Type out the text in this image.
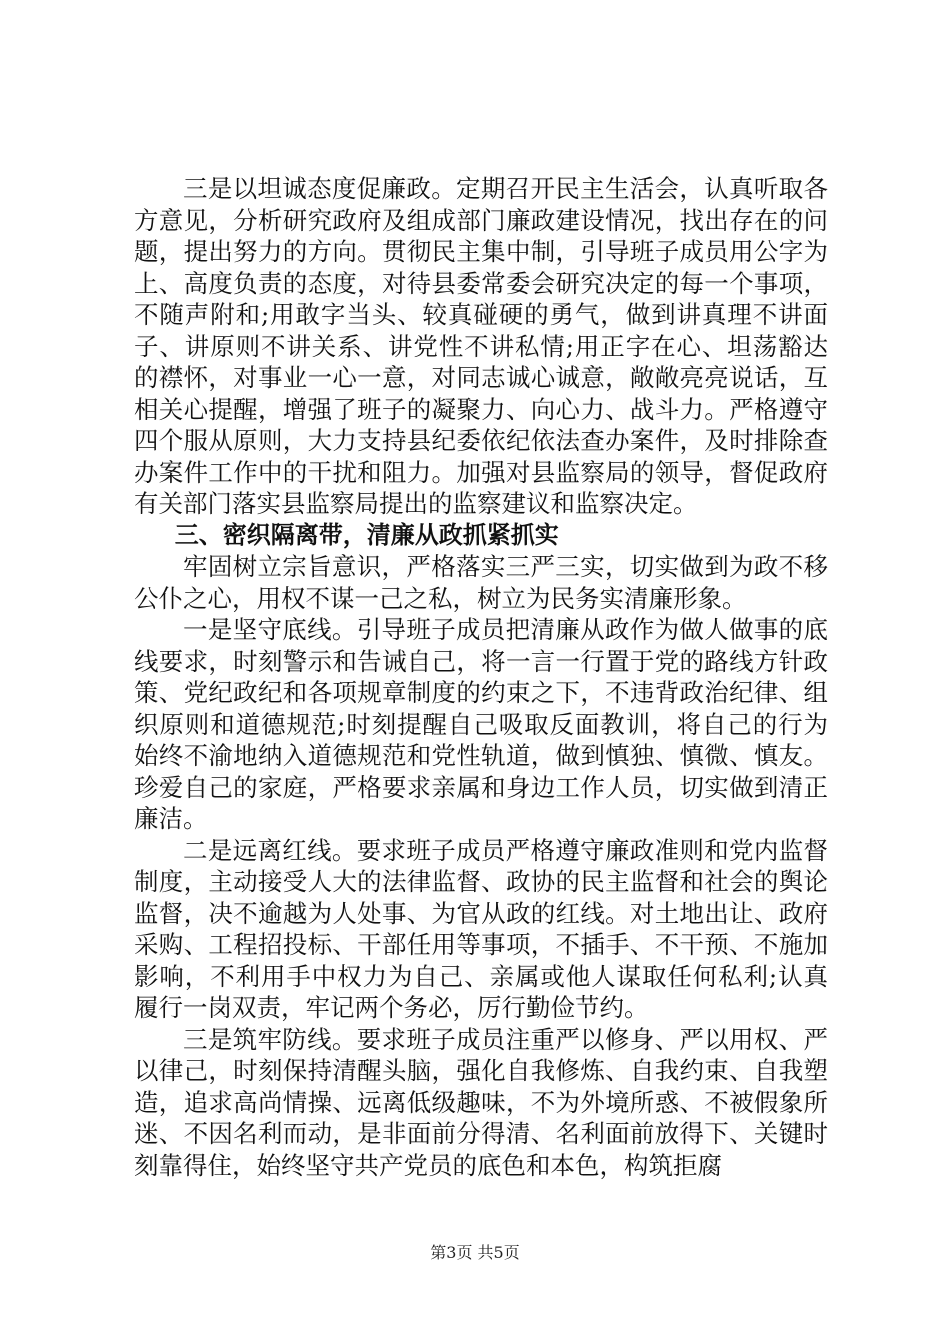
三是以坦诚态度促廉政。定期召开民主生活会，认真听取各方意见，分析研究政府及组成部门廉政建设情况，找出存在的问题，提出努力的方向。贯彻民主集中制，引导班子成员用公字为上、高度负责的态度，对待县委常委会研究决定的每一个事项，不随声附和;用敢字当头、较真碰硬的勇气，做到讲真理不讲面子、讲原则不讲关系、讲党性不讲私情;用正字在心、坦荡豁达的襟怀，对事业一心一意，对同志诚心诚意，敞敞亮亮说话，互相关心提醒，增强了班子的凝聚力、向心力、战斗力。严格遵守四个服从原则，大力支持县纪委依纪依法查办案件，及时排除查办案件工作中的干扰和阻力。加强对县监察局的领导，督促政府有关部门落实县监察局提出的监察建议和监察决定。

三、密织隔离带，清廉从政抓紧抓实

牢固树立宗旨意识，严格落实三严三实，切实做到为政不移公仆之心，用权不谋一己之私，树立为民务实清廉形象。

一是坚守底线。引导班子成员把清廉从政作为做人做事的底线要求，时刻警示和告诫自己，将一言一行置于党的路线方针政策、党纪政纪和各项规章制度的约束之下，不违背政治纪律、组织原则和道德规范;时刻提醒自己吸取反面教训，将自己的行为始终不渝地纳入道德规范和党性轨道，做到慎独、慎微、慎友。珍爱自己的家庭，严格要求亲属和身边工作人员，切实做到清正廉洁。

二是远离红线。要求班子成员严格遵守廉政准则和党内监督制度，主动接受人大的法律监督、政协的民主监督和社会的舆论监督，决不逾越为人处事、为官从政的红线。对土地出让、政府采购、工程招投标、干部任用等事项，不插手、不干预、不施加影响，不利用手中权力为自己、亲属或他人谋取任何私利;认真履行一岗双责，牢记两个务必，厉行勤俭节约。

三是筑牢防线。要求班子成员注重严以修身、严以用权、严以律己，时刻保持清醒头脑，强化自我修炼、自我约束、自我塑造，追求高尚情操、远离低级趣味，不为外境所惑、不被假象所迷、不因名利而动，是非面前分得清、名利面前放得下、关键时刻靠得住，始终坚守共产党员的底色和本色，构筑拒腐

第3页 共5页
